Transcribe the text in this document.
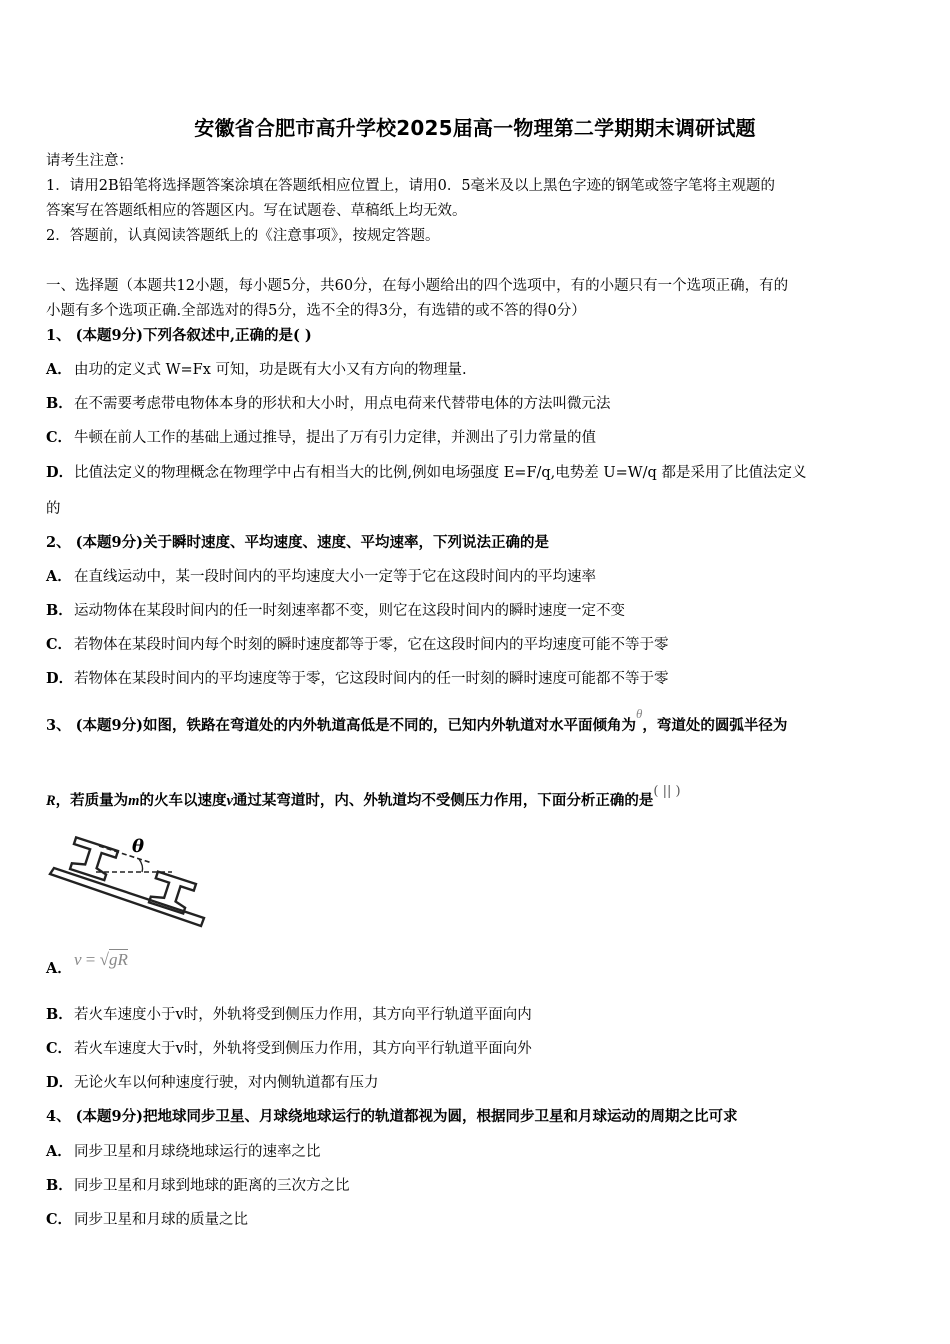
安徽省合肥市高升学校2025届高一物理第二学期期末调研试题
请考生注意：
1．请用2B铅笔将选择题答案涂填在答题纸相应位置上，请用0．5毫米及以上黑色字迹的钢笔或签字笔将主观题的
答案写在答题纸相应的答题区内。写在试题卷、草稿纸上均无效。
2．答题前，认真阅读答题纸上的《注意事项》，按规定答题。
一、选择题（本题共12小题，每小题5分，共60分，在每小题给出的四个选项中，有的小题只有一个选项正确，有的
小题有多个选项正确.全部选对的得5分，选不全的得3分，有选错的或不答的得0分）
1、 (本题9分)下列各叙述中,正确的是( )
A． 由功的定义式 W=Fx 可知，功是既有大小又有方向的物理量.
B．在不需要考虑带电物体本身的形状和大小时，用点电荷来代替带电体的方法叫微元法
C． 牛顿在前人工作的基础上通过推导，提出了万有引力定律，并测出了引力常量的值
D．比值法定义的物理概念在物理学中占有相当大的比例,例如电场强度 E=F/q,电势差 U=W/q 都是采用了比值法定义
的
2、 (本题9分)关于瞬时速度、平均速度、速度、平均速率，下列说法正确的是
A． 在直线运动中，某一段时间内的平均速度大小一定等于它在这段时间内的平均速率
B．运动物体在某段时间内的任一时刻速率都不变，则它在这段时间内的瞬时速度一定不变
C． 若物体在某段时间内每个时刻的瞬时速度都等于零，它在这段时间内的平均速度可能不等于零
D．若物体在某段时间内的平均速度等于零，它这段时间内的任一时刻的瞬时速度可能都不等于零
3、 (本题9分)如图，铁路在弯道处的内外轨道高低是不同的，已知内外轨道对水平面倾角为θ，弯道处的圆弧半径为
R，若质量为m的火车以速度v通过某弯道时，内、外轨道均不受侧压力作用，下面分析正确的是( || )
θ
A． v = √gR
B．若火车速度小于v时，外轨将受到侧压力作用，其方向平行轨道平面向内
C． 若火车速度大于v时，外轨将受到侧压力作用，其方向平行轨道平面向外
D．无论火车以何种速度行驶，对内侧轨道都有压力
4、 (本题9分)把地球同步卫星、月球绕地球运行的轨道都视为圆，根据同步卫星和月球运动的周期之比可求
A． 同步卫星和月球绕地球运行的速率之比
B．同步卫星和月球到地球的距离的三次方之比
C． 同步卫星和月球的质量之比
